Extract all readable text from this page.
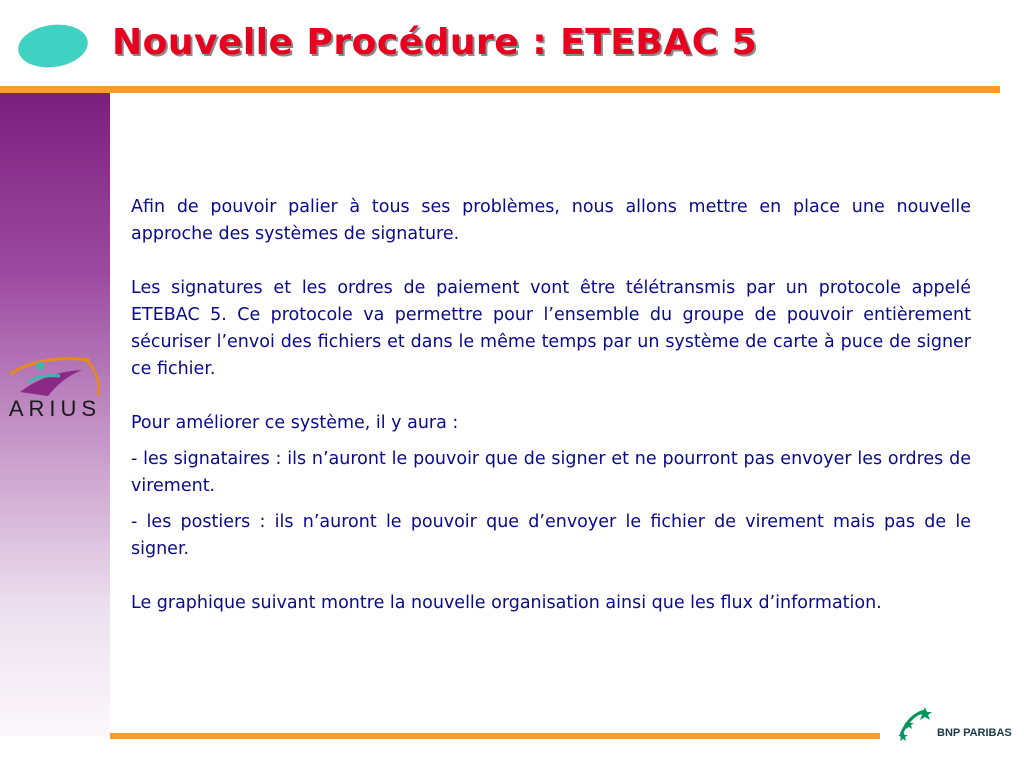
Nouvelle Procédure : ETEBAC 5
ARIUS

Afin de pouvoir palier à tous ses problèmes, nous allons mettre en place une nouvelle approche des systèmes de signature.

Les signatures et les ordres de paiement vont être télétransmis par un protocole appelé ETEBAC 5. Ce protocole va permettre pour l’ensemble du groupe de pouvoir entièrement sécuriser l’envoi des fichiers et dans le même temps par un système de carte à puce de signer ce fichier.

Pour améliorer ce système, il y aura :

- les signataires : ils n’auront le pouvoir que de signer et ne pourront pas envoyer les ordres de virement.

- les postiers : ils n’auront le pouvoir que d’envoyer le fichier de virement mais pas de le signer.

Le graphique suivant montre la nouvelle organisation ainsi que les flux d’information.

BNP PARIBAS
